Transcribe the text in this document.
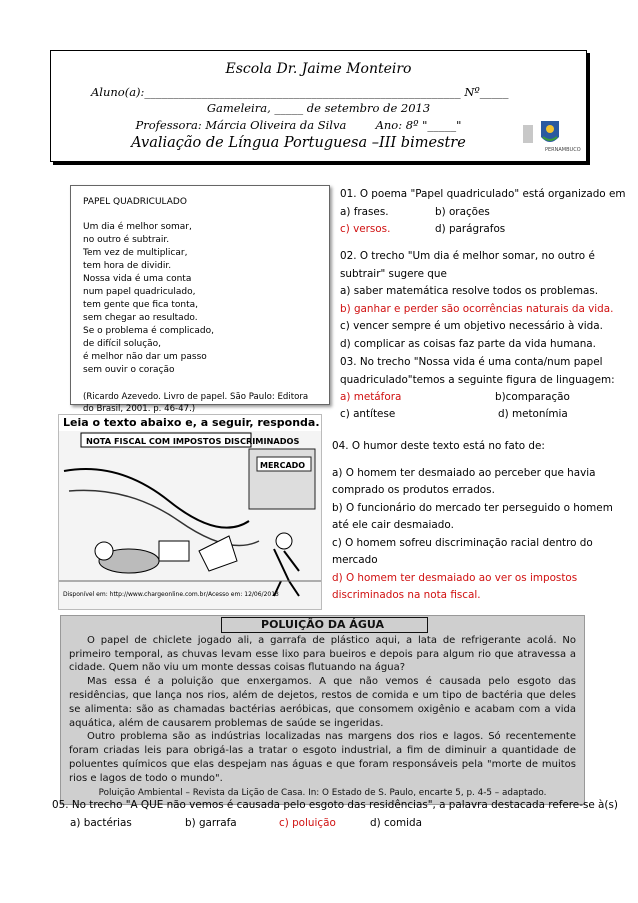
Escola Dr. Jaime Monteiro
Aluno(a):_______________________________________________________ Nº_____
Gameleira, _____ de setembro de 2013
Professora: Márcia Oliveira da Silva        Ano: 8º "_____"
Avaliação de Língua Portuguesa –III bimestre	PERNAMBUCO
PAPEL QUADRICULADO
Um dia é melhor somar,
no outro é subtrair.
Tem vez de multiplicar,
tem hora de dividir.
Nossa vida é uma conta
num papel quadriculado,
tem gente que fica tonta,
sem chegar ao resultado.
Se o problema é complicado,
de difícil solução,
é melhor não dar um passo
sem ouvir o coração
(Ricardo Azevedo. Livro de papel. São Paulo: Editora do Brasil, 2001. p. 46-47.)
01. O poema "Papel quadriculado" está organizado em
a) frases.	b) orações
c) versos.	d) parágrafos
02. O trecho "Um dia é melhor somar, no outro é
subtrair" sugere que
a) saber matemática resolve todos os problemas.
b) ganhar e perder são ocorrências naturais da vida.
c) vencer sempre é um objetivo necessário à vida.
d) complicar as coisas faz parte da vida humana.
03. No trecho "Nossa vida é uma conta/num papel
quadriculado"temos a seguinte figura de linguagem:
a) metáfora	b)comparação
c) antítese	d) metonímia
Leia o texto abaixo e, a seguir, responda.
NOTA FISCAL COM IMPOSTOS DISCRIMINADOS
MERCADO
Disponível em: http://www.chargeonline.com.br/Acesso em: 12/06/2013
04. O humor deste texto está no fato de:
a) O homem ter desmaiado ao perceber que havia
comprado os produtos errados.
b) O funcionário do mercado ter perseguido o homem
até ele cair desmaiado.
c) O homem sofreu discriminação racial dentro do
mercado
d) O homem ter desmaiado ao ver os impostos
discriminados na nota fiscal.
POLUIÇÃO DA ÁGUA

O papel de chiclete jogado ali, a garrafa de plástico aqui, a lata de refrigerante acolá. No primeiro temporal, as chuvas levam esse lixo para bueiros e depois para algum rio que atravessa a cidade. Quem não viu um monte dessas coisas flutuando na água?

Mas essa é a poluição que enxergamos. A que não vemos é causada pelo esgoto das residências, que lança nos rios, além de dejetos, restos de comida e um tipo de bactéria que deles se alimenta: são as chamadas bactérias aeróbicas, que consomem oxigênio e acabam com a vida aquática, além de causarem problemas de saúde se ingeridas.

Outro problema são as indústrias localizadas nas margens dos rios e lagos. Só recentemente foram criadas leis para obrigá-las a tratar o esgoto industrial, a fim de diminuir a quantidade de poluentes químicos que elas despejam nas águas e que foram responsáveis pela "morte de muitos rios e lagos de todo o mundo".

Poluição Ambiental – Revista da Lição de Casa. In: O Estado de S. Paulo, encarte 5, p. 4-5 – adaptado.
05. No trecho "A QUE não vemos é causada pelo esgoto das residências", a palavra destacada refere-se à(s)
a) bactérias	b) garrafa	c) poluição	d) comida
